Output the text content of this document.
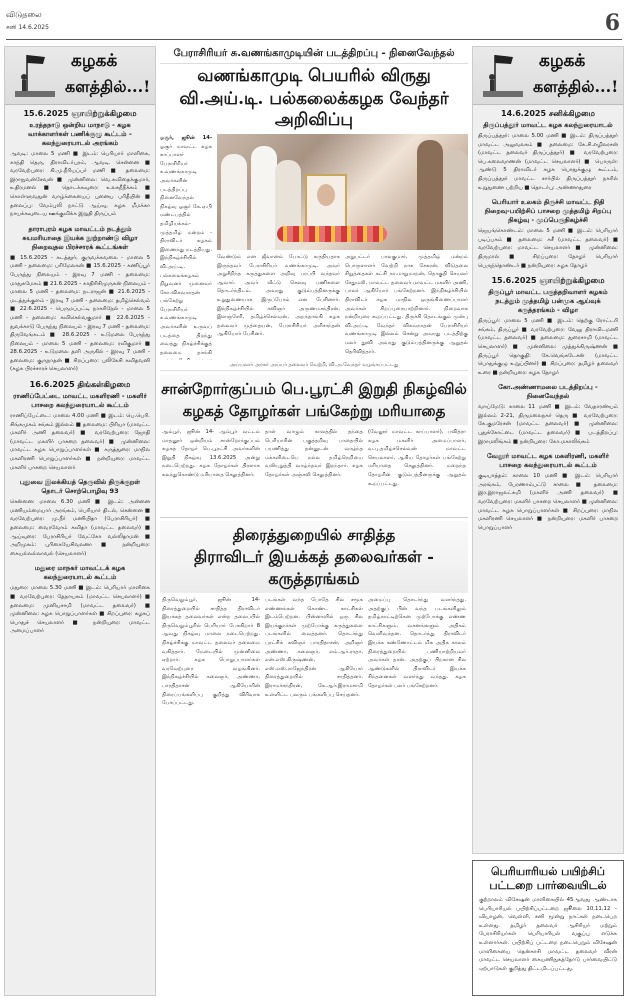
விடுதலை
சனி 14.6.2025	6
கழகக்
களத்தில்...!
15.6.2025 ஞாயிற்றுக்கிழமை
உரத்தநாடு ஒன்றிய மாநாடு - கழக வாக்காளர்கள் பணிக்குழு கூட்டம் – கலந்துரையாடல் அரங்கம்
ஆவடி: மாலை 5 மணி ■ இடம்: பெரியார் மாளிகை, காந்தி தெரு, திராவிடர்புரம், ஆவடி. சென்னை ■ வரவேற்புரை: கி.மு.நீரியப்பர் மணி ■ தலைமை: இராநுவன்சேவன் ■ முன்னிலை: வெ.கவிதைக்குமார், உதிரமனல் ■ தொடக்கவுரை: உலகநீநீக்கம் ■ கொள்ளுவதுன் வாழ்க்கையைப் புனைய பரிதீயின் ■ தலைப்பு: வேம்புலி நாட்டு ஆய்வு, கழக மீமக்கா நாயக்கவுடைய ஊக்குவிக்க இறுதி திருப்பம்
தாராபுரம் கழக மாவட்டம் நடத்தும் சுயமரியாதை இயக்க நூற்றாண்டு விழா நிறைவுதல பிரச்சாரக் கூட்டங்கள்
■ 15.6.2025 - கடத்தூர், குருவக்கவலை - மாலை 5 மணி - தலைமை: பரிமேலகன் ■ 15.6.2025 - கணிப்பூர் பேருந்து நிலையம் - இரவு 7 மணி - தலைமை: மாதுசுமேகம் ■ 21.6.2025 - காதிரிசிமுருகன் நிலையம் - மாலை 5 மணி - தலைமை: நடராஜன் ■ 21.6.2025 - மடத்துக்குளம் - இரவு 7 மணி - தலைமை: தமிழ்செல்வம் ■ 22.6.2025 - பெருமப்பட்டி நாகரிநேல் - மாலை 5 மணி - தலைமை: கவிசெல்வகுமார் ■ 22.6.2025 - துவக்காடு பேருந்து நிலையம் - இரவு 7 மணி - தலைமை: திருவேங்கடம் ■ 28.6.2025 - உடுமலை பேருந்து நிலையம் - மாலை 5 மணி - தலைமை: ரவிகுமார் ■ 28.6.2025 - உடுமலை தளி அருகில் - இரவு 7 மணி - தலைமை: குருநாதன் ■ சிறப்புரை: புலிகேசி கவிதவனி (கழக பிரச்சாரச் செயலாளர்)
16.6.2025 திங்கள்கிழமை
ராணிப்பேட்டை மாவட்ட மகளிரணி - மகளிர் பாசறை கலந்துரையாடல் கூட்டம்
ராணிப்பேட்டை: மாலை 4.00 மணி ■ இடம்: பெ.பெரி. சிங்கமுகம் சங்கம் இல்லம் ■ தலைமை: பிரியா (மாவட்ட மகளிர் அணி தலைவர்) ■ வரவேற்புரை: ஜோதி (மாவட்ட மகளிர் பாசறை தலைவர்) ■ முன்னிலை: மாவட்ட கழக பொறுப்பாளர்கள் ■ கருத்துரை: மாநில மகளிரணி பொறுப்பாளர்கள் ■ நன்றியுரை: மாவட்ட மகளிர் பாசறை செயலாளர்
புதுவை இலக்கியத் தெருவில் திருக்குறள் தொடர் சொற்பொழிவு 93
சென்னை: மாலை 6.30 மணி ■ இடம்: அன்னை மணியம்மையார் அரங்கம், பெரியார் திடல், சென்னை ■ வரவேற்புரை: மு.நீர் மணியிதா (பேராசிரியர்) ■ தலைமை: வைரவோம் கவிதா (மாவட்ட தலைவர்) ■ ஆய்வுரை: பேராசிரியர் வேட்கோ வல்லிதாமன் ■ அறிமுகம்: புரிகையேசிவலனா ■ நன்றியுரை: கையல்லல்லாவல் (செயலாளர்)
மதுரை மாநகர் மாவட்டக் கழக கலந்துரையாடல் கூட்டம்
மதுரை: மாலை 5.30 மணி ■ இடம்: பெரியார் மாளிகை ■ வரவேற்புரை: தேநாயகம் (மாவட்ட செயலாளர்) ■ தலைமை: முனியசாமி (மாவட்ட தலைவர்) ■ முன்னிலை: கழக பொறுப்பாளர்கள் ■ சிறப்புரை: கழகப் பொதுச் செயலாளர் ■ நன்றியுரை: மாவட்ட அமைப்பாளர்
பேராசிரியர் சு.வணங்காமுடியின் படத்திறப்பு - நினைவேந்தல்
வணங்காமுடி பெயரில் விருது
வி.அய்.டி. பல்கலைக்கழக வேந்தர் அறிவிப்பு
ஓசூர், ஜூன் 14- ஓசூர் மாவட்ட கழக காப்பாளர் பேராசிரியர் சு.வணங்காமுடி அவர்களின் படத்திறப்பு நினைவேந்தல் நிகழ்வு ஓசூர் கே.ஏ.பி மண்டபத்தில் தமிழியக்கம்-முத்தமிழ் மன்றம் - திராவிடர் கழகம் இணைந்து நடத்தியது. இந்நிகழ்ச்சியில் வி.அய்.டி. பல்கலைக்கழகம் நிறுவனர் முனைவர் கோ.விசுவநாதன் பங்கேற்று பேராசிரியர் சு.வணங்காமுடி அவர்களின் உருவப் படத்தை திறந்து வைத்து நிகழ்ச்சிக்குத் தலைமை தாங்கி
வேண்டும் என ஜீவானம் போட்டு கருதியதாக இருந்தவர் பேராசிரியர் வணங்காமுடி. அவர் அறுசீறிந்த கருத்துகளை அறிவு பரப்பி வந்தவர் ஆவார். அவர் வீட்டு செலவு பணிகளை தொடர்ந்திடம். அவரது குடும்பத்தினருக்கு உறுதுணையாக இருப்போம் என பேசினார். இந்நிகழ்ச்சியில் கவிஞர் அருணமசந்திரன், இளஞ்சேரி, தமிழ்ச்செல்வன், அறந்தாங்கி கழக தலைவர் முத்தையன், பேராசிரியர் அரிசாந்தன் ஆகியோர் பேசினர்.
அறுபட்டர் பாலகுமார், முத்தமிழ் மன்றம் பொருளாளர் வேற்றி நாக சேகரன், விடுதலை சிறுத்தைகள் கட்சி நா.மாறுமாறன், தொகுதி செயலர் சேதுமலி, மாவட்ட தலைவர் மாவட்ட மகளிர் அணி, பாலர் ஆகியோர் பங்கேற்றனர். இந்நிகழ்ச்சியில் திராவிடர் கழக மாநில ஒருங்கிணைப்பாளர் அவர்கள் சிறப்புரையாற்றினார். நிறைவாக நன்றியுரை கூறப்பட்டது. திருச்சி தொடங்கும் முன்பு வி.அய்.டி வேந்தர் விசுவநாதன் பேராசிரியர் வணங்காமுடி இல்லம் சென்று அவரது படத்திற்கு மலர் தூவி அவரது குடும்பத்தினருக்கு ஆறுதல் தெரிவித்தார்.
அய்யலார் அரகர் அய்யர் தலைவர் வேற்றி, வி.அ.வேந்தர் வழங்கப்பட்டது
சான்றோர்குப்பம் பெ.பூரட்சி இறுதி நிகழ்வில்
கழகத் தோழர்கள் பங்கேற்று மரியாதை
ஆம்பூர், ஜூன் 14- ஆம்பூர் வட்டம் மாதனூர் ஒன்றியம் சான்றோர்குப்பம் கழகத் தோழர் பெ.பூரட்சி அவர்களின் இறுதி நிகழ்வு 13.6.2025 அன்று நடைபெற்றது. கழக தோழர்கள் திரளாக கலந்துகொண்டு மரியாதை செலுத்தினர்.
தாள் வாழும் காலத்தில் தந்தை பெரியாரின் பகுத்தறிவு பாதையில் பயணித்து தன்னுடன் வாழ்ந்த மக்களிடையே நல்ல தமிழ்நெறியை வலியுறுத்தி வாழ்ந்தவர் இறந்தார். கழக தோழர்கள் அஞ்சலி செலுத்தினர்.
(வேலூர் மாவட்ட காப்பாளர்), பவித்ரா கழக மகளிர் அமைப்பாளர், வ.பு.தமிழ்ச்செல்வன் மாவட்ட செயலாளர், ஆகிய தோழர்கள் பங்கேற்று மரியாதை செலுத்தினர். மறைந்த தோழரின் குடும்பத்தினருக்கு ஆறுதல் கூறப்பட்டது.
திரைத்துறையில் சாதித்த
திராவிடர் இயக்கத் தலைவர்கள் - கருத்தரங்கம்
திருவெறும்பூர், ஜூன் 14- திரைத்துறையில் சாதித்த திராவிடர் இயக்கத் தலைவர்கள் என்ற தலைப்பில் திருவெறும்பூரில் பெரியார் பேசுகிறார் 8 ஆவது நிகழ்வு மாலை நடைபெற்றது. நிகழ்ச்சிக்கு மாவட்ட தலைவர் தலைமை வகித்தார். மேடையில் முன்னிலை ஏற்றார். கழக பொறுப்பாளர்கள் வரவேற்புரை வழங்கினர். இந்நிகழ்ச்சியில் கலைஞர், அண்ணா, பாரதிதாசன் ஆகியோரின் திரைப்பங்களிப்பு குறித்து விரிவாக பேசப்பட்டது.
படங்கள் வந்த போதே சில சமூக எண்ணங்கள் கொண்ட காட்சிகள் இடம்பெற்றன. பின்னாளில் ஒரு சில இயக்குநர்கள் முற்போக்கு கருத்துகளை படங்களில் வைத்தனர். தொடர்ந்து புரட்சிக் கவிஞர் பாரதிதாசன், அறிஞர் அண்ணா, கலைஞர், எம்.ஆர்.ராதா, என்.எஸ்.கிருஷ்ணன், எஸ்.எஸ்.ராஜேந்திரன் ஆகியோர் திரைத்துறையில் சாதித்தனர். இராமச்சந்திரன், கே.ஆர்.இராமசாமி உள்ளிட்ட பலரும் பங்களிப்பு செய்தனர்.
அமைப்பு தொடர்ந்து வளர்ந்தது. அதற்குப் பின் வந்த படங்களிலும் தமிழ்நாட்டிற்கென முற்போக்கு எண்ண காட்சிகளும், வசனங்களும் அதிகம் வெளிவந்தன. தொடர்ந்து திராவிடர் இயக்க கண்ணோட்டம் மிக அதிக காலம் திரைத்துறையில் பணியாற்றியவர் அவர்கள் தான். அதற்குப் பிறகான சில ஆண்டுகளில் திராவிடர் இயக்க சிந்தனைகள் வளர்ந்து வந்தது. கழக தோழர்கள் பலர் பங்கேற்றனர்.
கழகக்
களத்தில்...!
14.6.2025 சனிக்கிழமை
திருப்பத்தூர் மாவட்ட கழக கலந்துரையாடல்
திருப்பத்தூர்: மாலை 5.00 மணி ■ இடம்: திருப்பத்தூர் மாவட்ட அலுவலகம் ■ தலைமை: கே.சி.எழிலரசன் (மாவட்ட தலைவர் திருப்பத்தூர்) ■ வரவேற்புரை: பெ.கலைவாணன் (மாவட்ட செயலாளர்) ■ பொருள்: ஆண்டு 5 திராவிடர் கழக பொதுக்குழு கூட்டம், திருப்பத்தூர் மாவட்ட சார்பில் திருப்பத்தூர் நகரில் உறுதுணை பற்றிய ■ தொடர்பு: அண்ணாதுரை
பெரியார் உலகம் திருச்சி மாவட்ட நிதி நிறைவு-பயிற்சிப் பாசறை முத்தமிழ் சிறப்பு நிகழ்வு - முப்பெருநிகழ்ச்சி
ஜெயங்கொண்டம்: மாலை 5 மணி ■ இடம்: பெரியார் படிப்பகம் ■ தலைமை: சுசீ (மாவட்ட தலைவர்) ■ வரவேற்புரை: மாவட்ட செயலாளர் ■ முன்னிலை: திருமால் ■ சிறப்புரை: தோழர் பெரியார் பெருந்தொண்டர் ■ நன்றியுரை: கழக தோழர்
15.6.2025 ஞாயிற்றுக்கிழமை
திருப்பூர் மாவட்ட பகுத்தறிவாளர் கழகம் நடத்தும் முத்தமிழ் பன்முக ஆய்வுக் கருத்தரங்கம் - விழா
திருப்பூர்: மாலை 5 மணி ■ இடம்: தெற்கு ரோட்டரி சங்கம், திருப்பூர் ■ வரவேற்புரை: வேலு திராவிடமணி (மாவட்ட தலைவர்) ■ தலைமை: துரைசாமி (மாவட்ட செயலாளர்) ■ முன்னிலை: முத்துக்கிருஷ்ணன் ■ திருப்பூர் தொகுதி: கே.வெங்கடேசன் (மாவட்ட பொதுக்குழு உறுப்பினர்) ■ சிறப்புரை: தமிழர் தலைவர் உரை ■ நன்றியுரை: கழக தோழர்
கோ.அண்ணாமலை படத்திறப்பு - நினைவேந்தல்
வாய்மேடு: காலை 11 மணி ■ இடம்: வேதாரண்யம் இல்லம் 2-21, திருமலைநகர் தெரு ■ வரவேற்புரை: கே.குமரேசன் (மாவட்ட தலைவர்) ■ முன்னிலை: புதுக்கோட்டை (மாவட்ட தலைவர்) ■ படத்திறப்பு: இராமலிங்கம் ■ நன்றியுரை: கோ.மகாலிங்கம்
வேலூர் மாவட்ட கழக மகளிரணி, மகளிர் பாசறை கலந்துரையாடல் கூட்டம்
குடியாத்தம்: காலை 10 மணி ■ இடம்: பெரியார் அரங்கம், பேரணாம்பட்டு சாலை ■ தலைமை: இர.இராஜலட்சுமி (மகளிர் அணி தலைவர்) ■ வரவேற்புரை: மகளிர் பாசறை செயலாளர் ■ முன்னிலை: மாவட்ட கழக பொறுப்பாளர்கள் ■ சிறப்புரை: மாநில மகளிரணி செயலாளர் ■ நன்றியுரை: மகளிர் பாசறை பொறுப்பாளர்
பெரியாரியல் பயிற்சிப்
பட்டறை பார்வையிடல்
குற்றாலம் விசேஷன் மாளிகையில் 45ஆவது ஆண்டாக பெரியாரியல் பயிற்சிப்பட்டறை ஜூலை 10,11,12 - வியாழன், வெள்ளி, சனி மூன்று நாட்கள் நடைபெற உள்ளது. தமிழர் தலைவர் ஆசிரியர் மற்றும் பேராசிரியர்கள் பெரியாரியல் வகுப்பு எடுக்க உள்ளார்கள். பயிற்சிப் பட்டறை நடைபெறும் விசேஷன் மாளிகையை தென்காசி மாவட்ட தலைவர் வீரன் மாவட்ட செயலாளர் கையணிநுகத்தோடு பார்வையிட்டு ஏற்பாடுகள் குறித்து திட்டமிடப்பட்டது.
